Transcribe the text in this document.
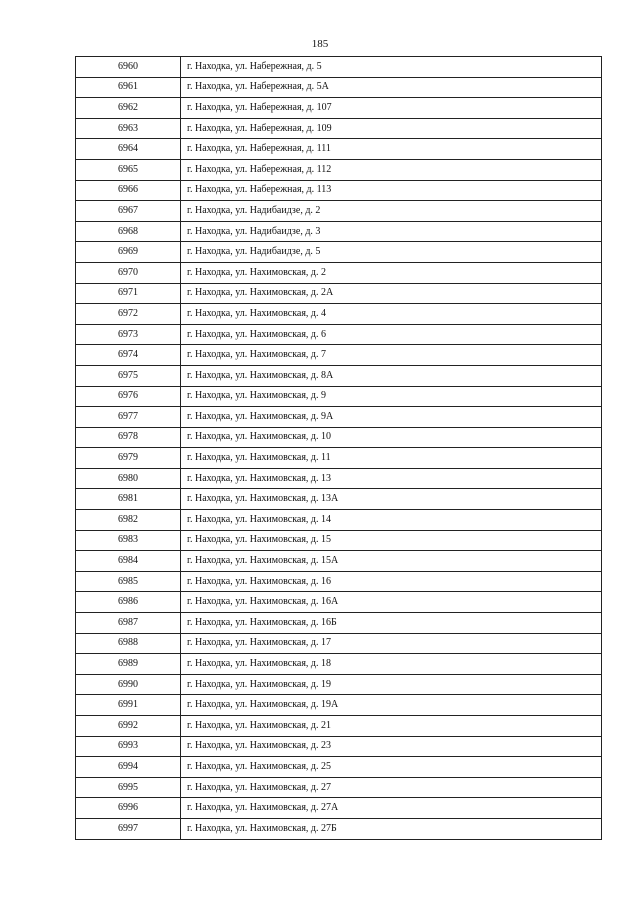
185
6960	г. Находка, ул. Набережная, д. 5
6961	г. Находка, ул. Набережная, д. 5А
6962	г. Находка, ул. Набережная, д. 107
6963	г. Находка, ул. Набережная, д. 109
6964	г. Находка, ул. Набережная, д. 111
6965	г. Находка, ул. Набережная, д. 112
6966	г. Находка, ул. Набережная, д. 113
6967	г. Находка, ул. Надибаидзе, д. 2
6968	г. Находка, ул. Надибаидзе, д. 3
6969	г. Находка, ул. Надибаидзе, д. 5
6970	г. Находка, ул. Нахимовская, д. 2
6971	г. Находка, ул. Нахимовская, д. 2А
6972	г. Находка, ул. Нахимовская, д. 4
6973	г. Находка, ул. Нахимовская, д. 6
6974	г. Находка, ул. Нахимовская, д. 7
6975	г. Находка, ул. Нахимовская, д. 8А
6976	г. Находка, ул. Нахимовская, д. 9
6977	г. Находка, ул. Нахимовская, д. 9А
6978	г. Находка, ул. Нахимовская, д. 10
6979	г. Находка, ул. Нахимовская, д. 11
6980	г. Находка, ул. Нахимовская, д. 13
6981	г. Находка, ул. Нахимовская, д. 13А
6982	г. Находка, ул. Нахимовская, д. 14
6983	г. Находка, ул. Нахимовская, д. 15
6984	г. Находка, ул. Нахимовская, д. 15А
6985	г. Находка, ул. Нахимовская, д. 16
6986	г. Находка, ул. Нахимовская, д. 16А
6987	г. Находка, ул. Нахимовская, д. 16Б
6988	г. Находка, ул. Нахимовская, д. 17
6989	г. Находка, ул. Нахимовская, д. 18
6990	г. Находка, ул. Нахимовская, д. 19
6991	г. Находка, ул. Нахимовская, д. 19А
6992	г. Находка, ул. Нахимовская, д. 21
6993	г. Находка, ул. Нахимовская, д. 23
6994	г. Находка, ул. Нахимовская, д. 25
6995	г. Находка, ул. Нахимовская, д. 27
6996	г. Находка, ул. Нахимовская, д. 27А
6997	г. Находка, ул. Нахимовская, д. 27Б
